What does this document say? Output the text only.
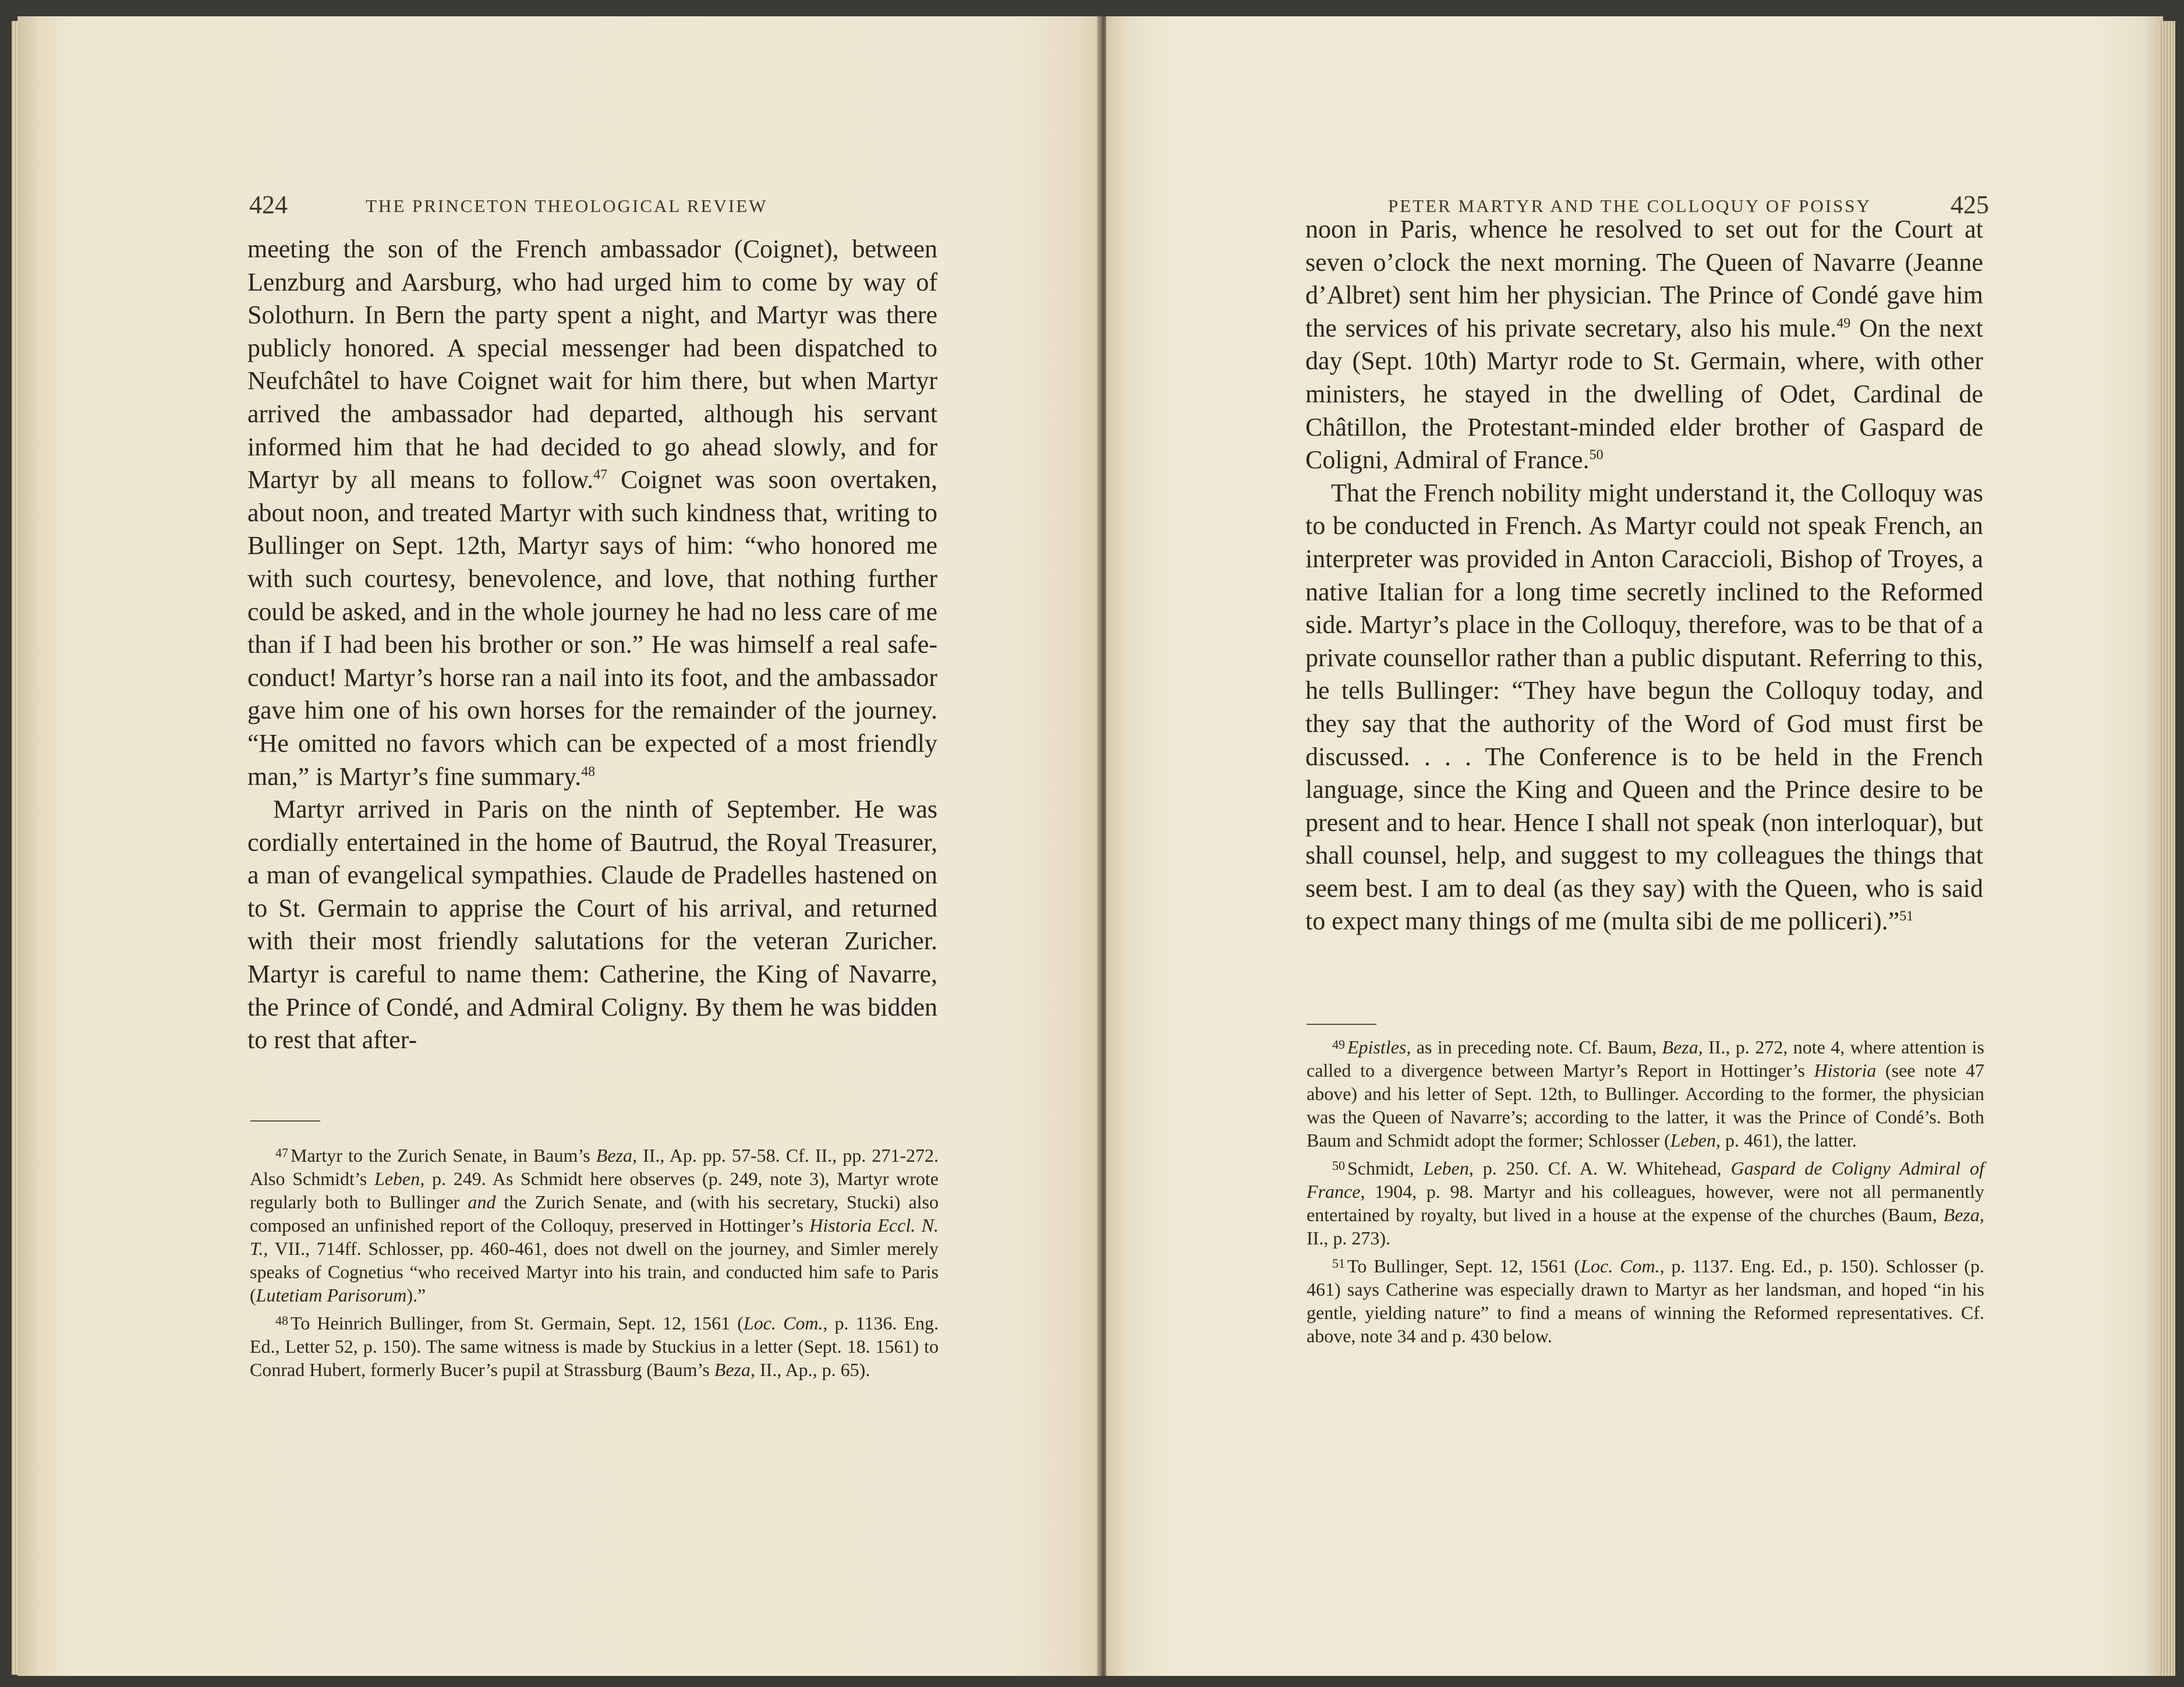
424	THE PRINCETON THEOLOGICAL REVIEW

meeting the son of the French ambassador (Coignet), between Lenzburg and Aarsburg, who had urged him to come by way of Solothurn. In Bern the party spent a night, and Martyr was there publicly honored. A special messenger had been dispatched to Neufchâtel to have Coignet wait for him there, but when Martyr arrived the ambassador had departed, although his servant informed him that he had decided to go ahead slowly, and for Martyr by all means to follow.$^{47}$ Coignet was soon overtaken, about noon, and treated Martyr with such kindness that, writing to Bullinger on Sept. 12th, Martyr says of him: “who honored me with such courtesy, benevolence, and love, that nothing further could be asked, and in the whole journey he had no less care of me than if I had been his brother or son.” He was himself a real safe-conduct! Martyr’s horse ran a nail into its foot, and the ambassador gave him one of his own horses for the remainder of the journey. “He omitted no favors which can be expected of a most friendly man,” is Martyr’s fine summary.$^{48}$

Martyr arrived in Paris on the ninth of September. He was cordially entertained in the home of Bautrud, the Royal Treasurer, a man of evangelical sympathies. Claude de Pradelles hastened on to St. Germain to apprise the Court of his arrival, and returned with their most friendly salutations for the veteran Zuricher. Martyr is careful to name them: Catherine, the King of Navarre, the Prince of Condé, and Admiral Coligny. By them he was bidden to rest that after-

$^{47}$ Martyr to the Zurich Senate, in Baum’s Beza, II., Ap. pp. 57-58. Cf. II., pp. 271-272. Also Schmidt’s Leben, p. 249. As Schmidt here observes (p. 249, note 3), Martyr wrote regularly both to Bullinger and the Zurich Senate, and (with his secretary, Stucki) also composed an unfinished report of the Colloquy, preserved in Hottinger’s Historia Eccl. N. T., VII., 714ff. Schlosser, pp. 460-461, does not dwell on the journey, and Simler merely speaks of Cognetius “who received Martyr into his train, and conducted him safe to Paris (Lutetiam Parisorum).”

$^{48}$ To Heinrich Bullinger, from St. Germain, Sept. 12, 1561 (Loc. Com., p. 1136. Eng. Ed., Letter 52, p. 150). The same witness is made by Stuckius in a letter (Sept. 18. 1561) to Conrad Hubert, formerly Bucer’s pupil at Strassburg (Baum’s Beza, II., Ap., p. 65).

PETER MARTYR AND THE COLLOQUY OF POISSY	425

noon in Paris, whence he resolved to set out for the Court at seven o’clock the next morning. The Queen of Navarre (Jeanne d’Albret) sent him her physician. The Prince of Condé gave him the services of his private secretary, also his mule.$^{49}$ On the next day (Sept. 10th) Martyr rode to St. Germain, where, with other ministers, he stayed in the dwelling of Odet, Cardinal de Châtillon, the Protestant-minded elder brother of Gaspard de Coligni, Admiral of France.$^{50}$

That the French nobility might understand it, the Colloquy was to be conducted in French. As Martyr could not speak French, an interpreter was provided in Anton Caraccioli, Bishop of Troyes, a native Italian for a long time secretly inclined to the Reformed side. Martyr’s place in the Colloquy, therefore, was to be that of a private counsellor rather than a public disputant. Referring to this, he tells Bullinger: “They have begun the Colloquy today, and they say that the authority of the Word of God must first be discussed. . . . The Conference is to be held in the French language, since the King and Queen and the Prince desire to be present and to hear. Hence I shall not speak (non interloquar), but shall counsel, help, and suggest to my colleagues the things that seem best. I am to deal (as they say) with the Queen, who is said to expect many things of me (multa sibi de me polliceri).”$^{51}$

$^{49}$ Epistles, as in preceding note. Cf. Baum, Beza, II., p. 272, note 4, where attention is called to a divergence between Martyr’s Report in Hottinger’s Historia (see note 47 above) and his letter of Sept. 12th, to Bullinger. According to the former, the physician was the Queen of Navarre’s; according to the latter, it was the Prince of Condé’s. Both Baum and Schmidt adopt the former; Schlosser (Leben, p. 461), the latter.

$^{50}$ Schmidt, Leben, p. 250. Cf. A. W. Whitehead, Gaspard de Coligny Admiral of France, 1904, p. 98. Martyr and his colleagues, however, were not all permanently entertained by royalty, but lived in a house at the expense of the churches (Baum, Beza, II., p. 273).

$^{51}$ To Bullinger, Sept. 12, 1561 (Loc. Com., p. 1137. Eng. Ed., p. 150). Schlosser (p. 461) says Catherine was especially drawn to Martyr as her landsman, and hoped “in his gentle, yielding nature” to find a means of winning the Reformed representatives. Cf. above, note 34 and p. 430 below.
